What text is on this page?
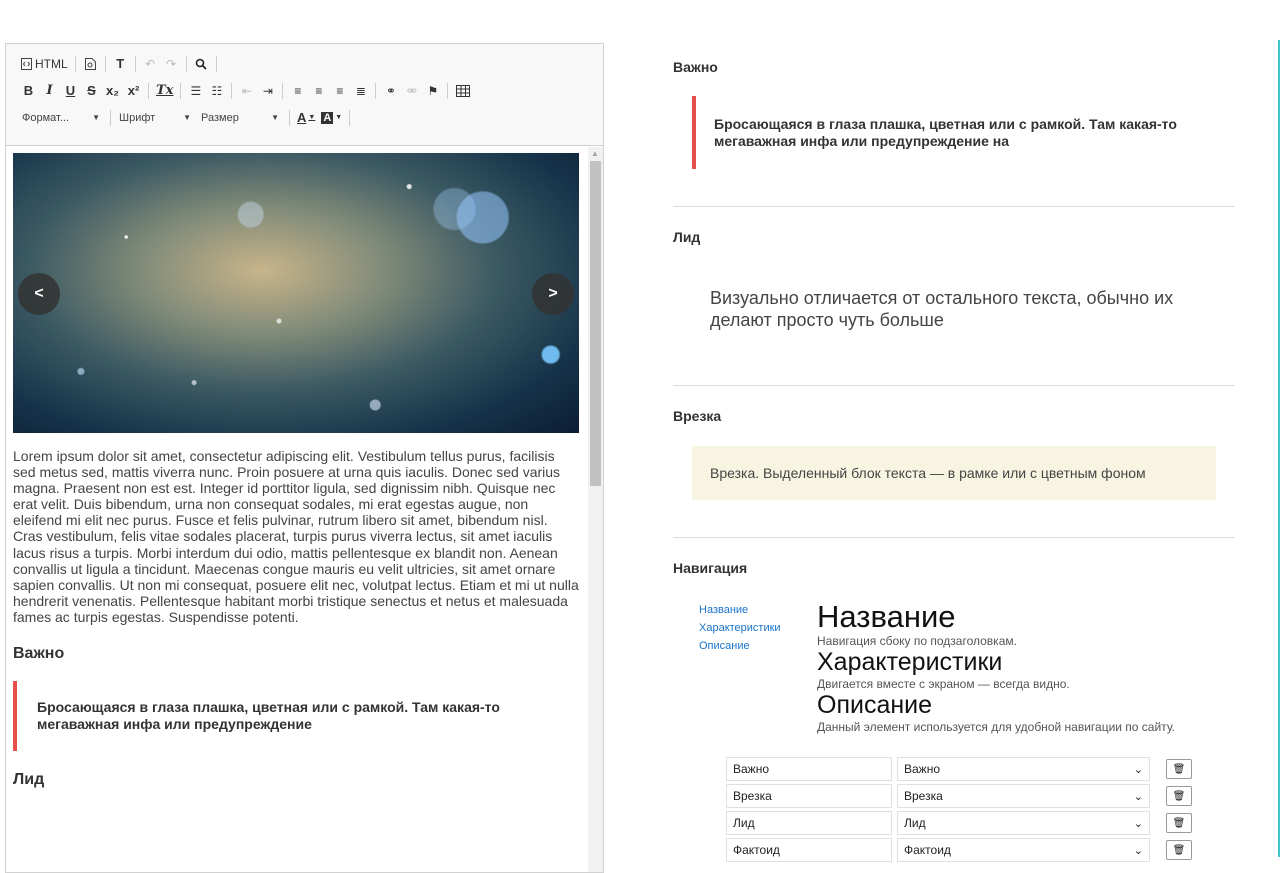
HTML	T ↶ ↷
B	I	U S x₂ x²	Tx ☰ ☷ ⇤ ⇥ ≡ ≡ ≡ ≣ ⚭ ⚮ ⚑
Формат...	▼ Шрифт	▼ Размер	▼ A ▼ A ▼
<	>

Lorem ipsum dolor sit amet, consectetur adipiscing elit. Vestibulum tellus purus, facilisis sed metus sed, mattis viverra nunc. Proin posuere at urna quis iaculis. Donec sed varius magna. Praesent non est est. Integer id porttitor ligula, sed dignissim nibh. Quisque nec erat velit. Duis bibendum, urna non consequat sodales, mi erat egestas augue, non eleifend mi elit nec purus. Fusce et felis pulvinar, rutrum libero sit amet, bibendum nisl. Cras vestibulum, felis vitae sodales placerat, turpis purus viverra lectus, sit amet iaculis lacus risus a turpis. Morbi interdum dui odio, mattis pellentesque ex blandit non. Aenean convallis ut ligula a tincidunt. Maecenas congue mauris eu velit ultricies, sit amet ornare sapien convallis. Ut non mi consequat, posuere elit nec, volutpat lectus. Etiam et mi ut nulla hendrerit venenatis. Pellentesque habitant morbi tristique senectus et netus et malesuada fames ac turpis egestas. Suspendisse potenti.

Важно
Бросающаяся в глаза плашка, цветная или с рамкой. Там какая-то мегаважная инфа или предупреждение
Лид
▲
Важно
Бросающаяся в глаза плашка, цветная или с рамкой. Там какая-то мегаважная инфа или предупреждение на
Лид
Визуально отличается от остального текста, обычно их делают просто чуть больше
Врезка
Врезка. Выделенный блок текста — в рамке или с цветным фоном
Навигация
Название
Характеристики
Описание
Название
Навигация сбоку по подзаголовкам.
Характеристики
Двигается вместе с экраном — всегда видно.
Описание
Данный элемент используется для удобной навигации по сайту.
Важно	Важно	⌄	🗑
Врезка	Врезка	⌄	🗑
Лид	Лид	⌄	🗑
Фактоид	Фактоид	⌄	🗑
